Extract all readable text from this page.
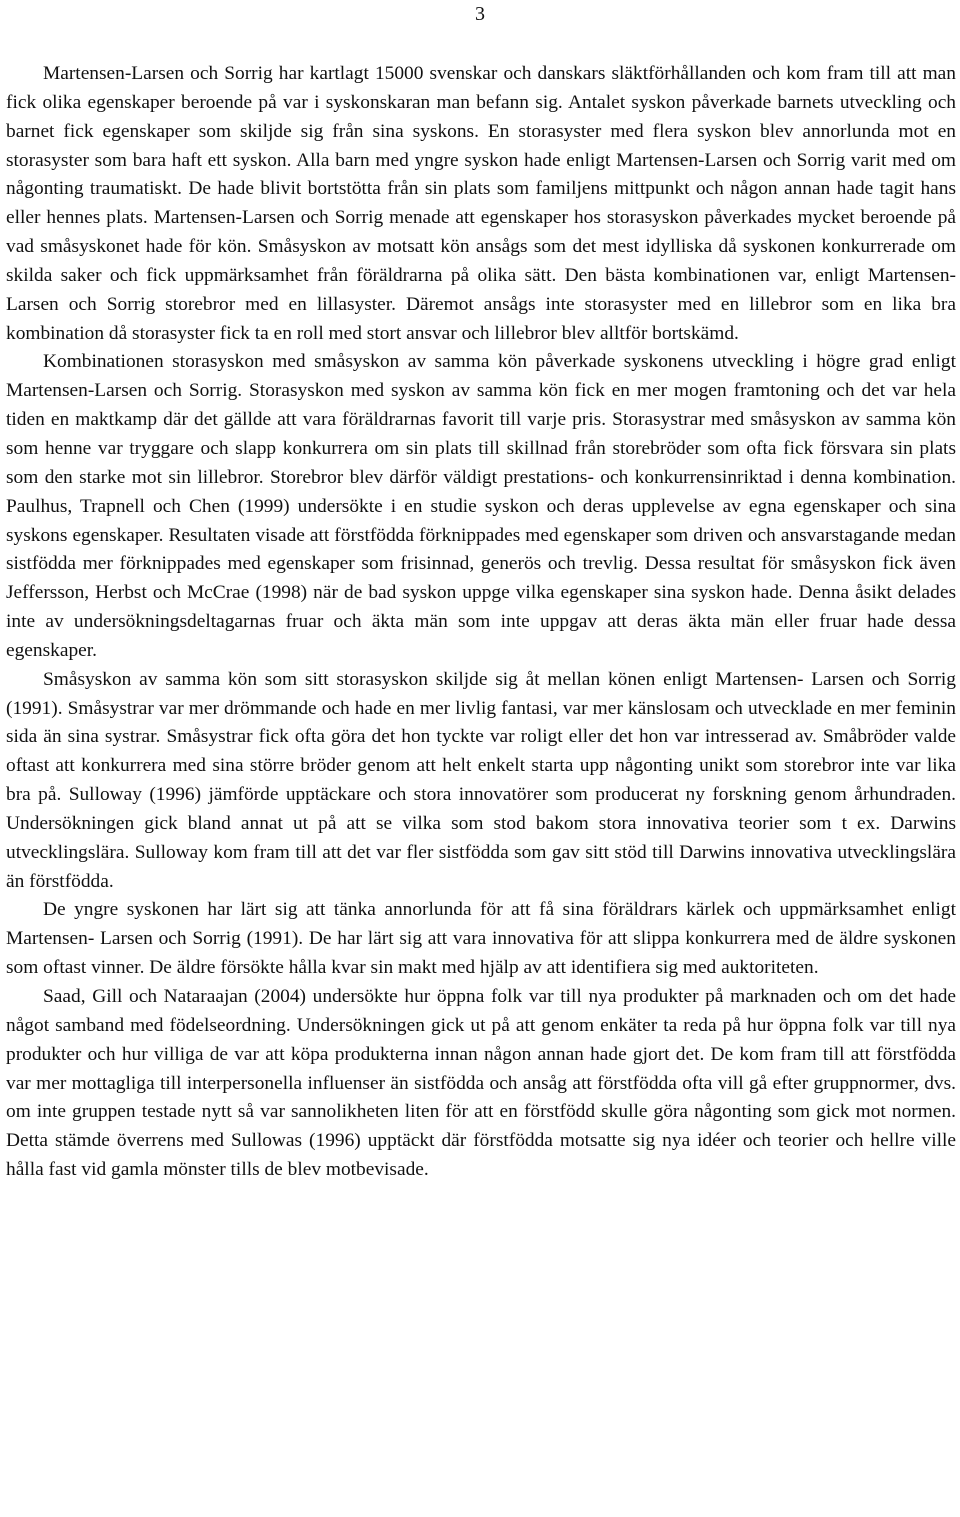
3

Martensen-Larsen och Sorrig har kartlagt 15000 svenskar och danskars släktförhållanden och kom fram till att man fick olika egenskaper beroende på var i syskonskaran man befann sig. Antalet syskon påverkade barnets utveckling och barnet fick egenskaper som skiljde sig från sina syskons. En storasyster med flera syskon blev annorlunda mot en storasyster som bara haft ett syskon. Alla barn med yngre syskon hade enligt Martensen-Larsen och Sorrig varit med om någonting traumatiskt. De hade blivit bortstötta från sin plats som familjens mittpunkt och någon annan hade tagit hans eller hennes plats. Martensen-Larsen och Sorrig menade att egenskaper hos storasyskon påverkades mycket beroende på vad småsyskonet hade för kön. Småsyskon av motsatt kön ansågs som det mest idylliska då syskonen konkurrerade om skilda saker och fick uppmärksamhet från föräldrarna på olika sätt. Den bästa kombinationen var, enligt Martensen-Larsen och Sorrig storebror med en lillasyster. Däremot ansågs inte storasyster med en lillebror som en lika bra kombination då storasyster fick ta en roll med stort ansvar och lillebror blev alltför bortskämd.

Kombinationen storasyskon med småsyskon av samma kön påverkade syskonens utveckling i högre grad enligt Martensen-Larsen och Sorrig. Storasyskon med syskon av samma kön fick en mer mogen framtoning och det var hela tiden en maktkamp där det gällde att vara föräldrarnas favorit till varje pris. Storasystrar med småsyskon av samma kön som henne var tryggare och slapp konkurrera om sin plats till skillnad från storebröder som ofta fick försvara sin plats som den starke mot sin lillebror. Storebror blev därför väldigt prestations- och konkurrensinriktad i denna kombination. Paulhus, Trapnell och Chen (1999) undersökte i en studie syskon och deras upplevelse av egna egenskaper och sina syskons egenskaper. Resultaten visade att förstfödda förknippades med egenskaper som driven och ansvarstagande medan sistfödda mer förknippades med egenskaper som frisinnad, generös och trevlig. Dessa resultat för småsyskon fick även Jeffersson, Herbst och McCrae (1998) när de bad syskon uppge vilka egenskaper sina syskon hade. Denna åsikt delades inte av undersökningsdeltagarnas fruar och äkta män som inte uppgav att deras äkta män eller fruar hade dessa egenskaper.

Småsyskon av samma kön som sitt storasyskon skiljde sig åt mellan könen enligt Martensen- Larsen och Sorrig (1991). Småsystrar var mer drömmande och hade en mer livlig fantasi, var mer känslosam och utvecklade en mer feminin sida än sina systrar. Småsystrar fick ofta göra det hon tyckte var roligt eller det hon var intresserad av. Småbröder valde oftast att konkurrera med sina större bröder genom att helt enkelt starta upp någonting unikt som storebror inte var lika bra på. Sulloway (1996) jämförde upptäckare och stora innovatörer som producerat ny forskning genom århundraden. Undersökningen gick bland annat ut på att se vilka som stod bakom stora innovativa teorier som t ex. Darwins utvecklingslära. Sulloway kom fram till att det var fler sistfödda som gav sitt stöd till Darwins innovativa utvecklingslära än förstfödda.

De yngre syskonen har lärt sig att tänka annorlunda för att få sina föräldrars kärlek och uppmärksamhet enligt Martensen- Larsen och Sorrig (1991). De har lärt sig att vara innovativa för att slippa konkurrera med de äldre syskonen som oftast vinner. De äldre försökte hålla kvar sin makt med hjälp av att identifiera sig med auktoriteten.

Saad, Gill och Nataraajan (2004) undersökte hur öppna folk var till nya produkter på marknaden och om det hade något samband med födelseordning. Undersökningen gick ut på att genom enkäter ta reda på hur öppna folk var till nya produkter och hur villiga de var att köpa produkterna innan någon annan hade gjort det. De kom fram till att förstfödda var mer mottagliga till interpersonella influenser än sistfödda och ansåg att förstfödda ofta vill gå efter gruppnormer, dvs. om inte gruppen testade nytt så var sannolikheten liten för att en förstfödd skulle göra någonting som gick mot normen. Detta stämde överrens med Sullowas (1996) upptäckt där förstfödda motsatte sig nya idéer och teorier och hellre ville hålla fast vid gamla mönster tills de blev motbevisade.
